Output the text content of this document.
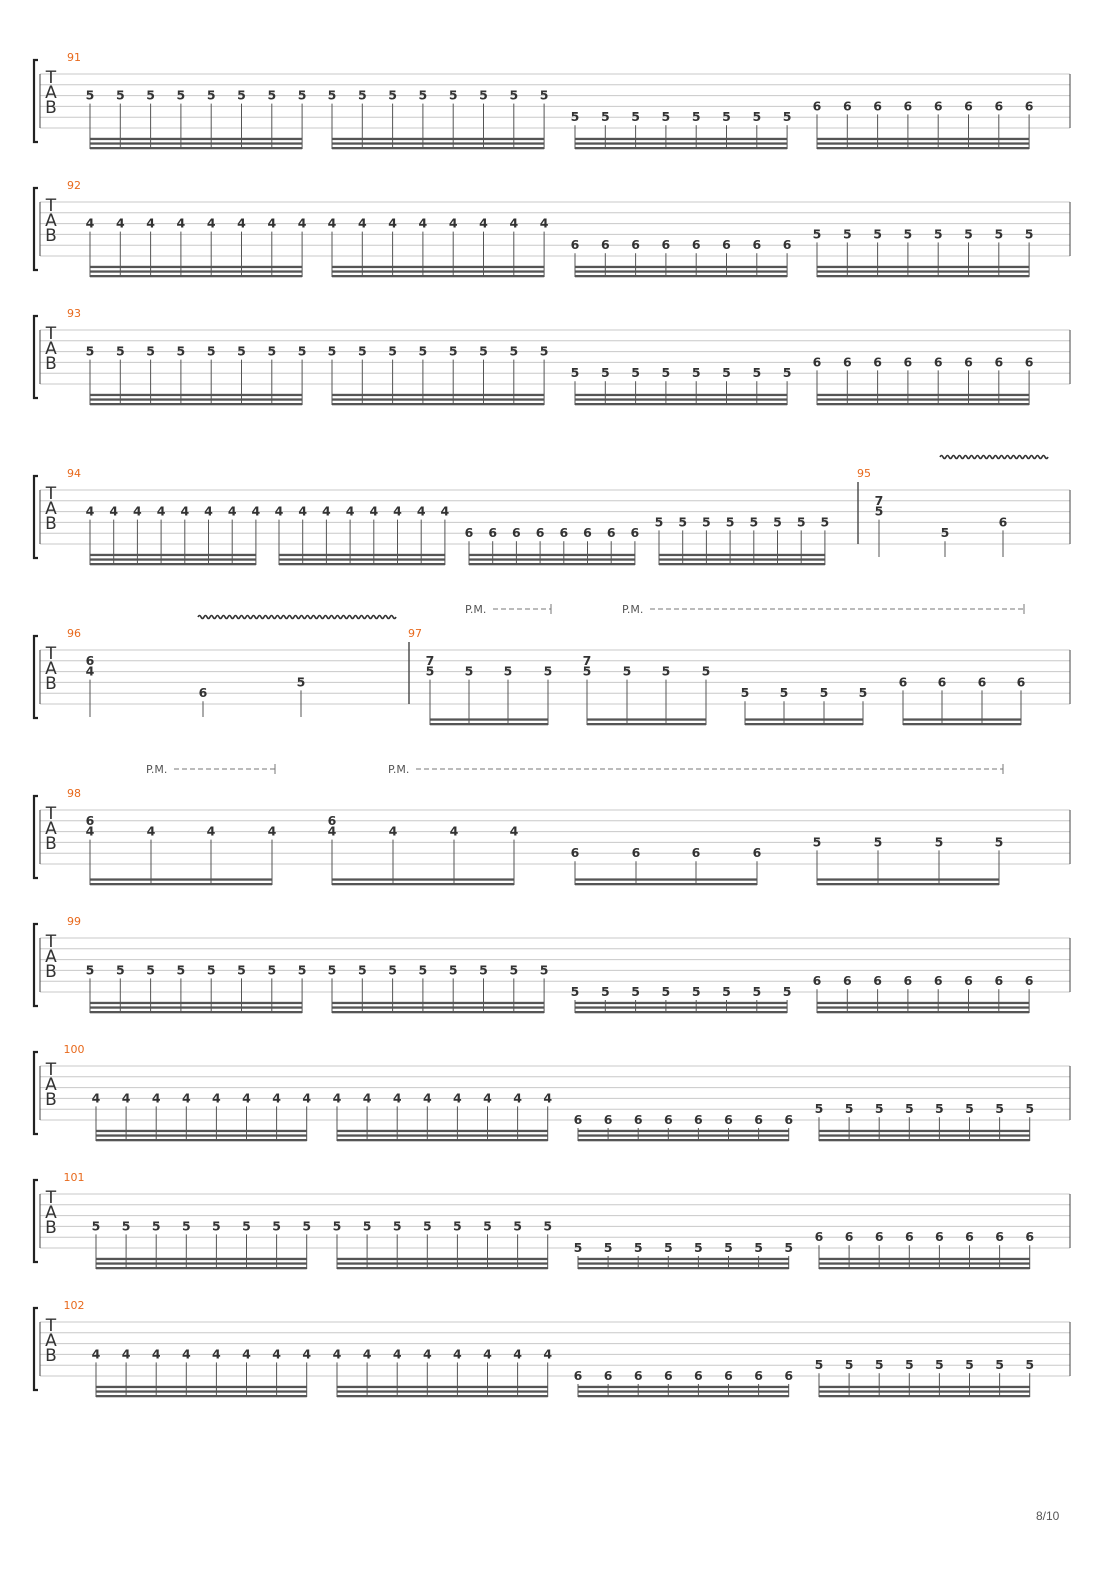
T
A
B
91
5 5 5 5 5 5 5 5 5 5 5 5 5 5 5 5
5 5 5 5 5 5 5 5
6 6 6 6 6 6 6 6
T
A
B
92
4 4 4 4 4 4 4 4 4 4 4 4 4 4 4 4
6 6 6 6 6 6 6 6
5 5 5 5 5 5 5 5
T
A
B
93
5 5 5 5 5 5 5 5 5 5 5 5 5 5 5 5
5 5 5 5 5 5 5 5
6 6 6 6 6 6 6 6
T
A
B
94	95
4 4 4 4 4 4 4 4 4 4 4 4 4 4 4 4
6 6 6 6 6 6 6 6
5 5 5 5 5 5 5 5
7
5
5
6
T
A
B
96	97
6
4
6
5
7
5 5 5	5
7
5	5 5	5
5 5	5 5
6 6	6 6
P.M.	P.M.
T
A
B
98
6
4	4	4	4
6
4	4	4	4
6	6	6	6
5	5	5	5
P.M.	P.M.
T
A
B
99
5 5 5 5 5 5 5 5 5 5 5 5 5 5 5 5
5 5 5 5 5 5 5 5
6 6 6 6 6 6 6 6
T
A
B
100
4 4 4 4 4 4 4 4 4 4 4 4 4 4 4 4
6 6 6 6 6 6 6 6
5 5 5 5 5 5 5 5
T
A
B
101
5 5 5 5 5 5 5 5 5 5 5 5 5 5 5 5
5 5 5 5 5 5 5 5
6 6 6 6 6 6 6 6
T
A
B
102
4 4 4 4 4 4 4 4 4 4 4 4 4 4 4 4
6 6 6 6 6 6 6 6
5 5 5 5 5 5 5 5
8/10
